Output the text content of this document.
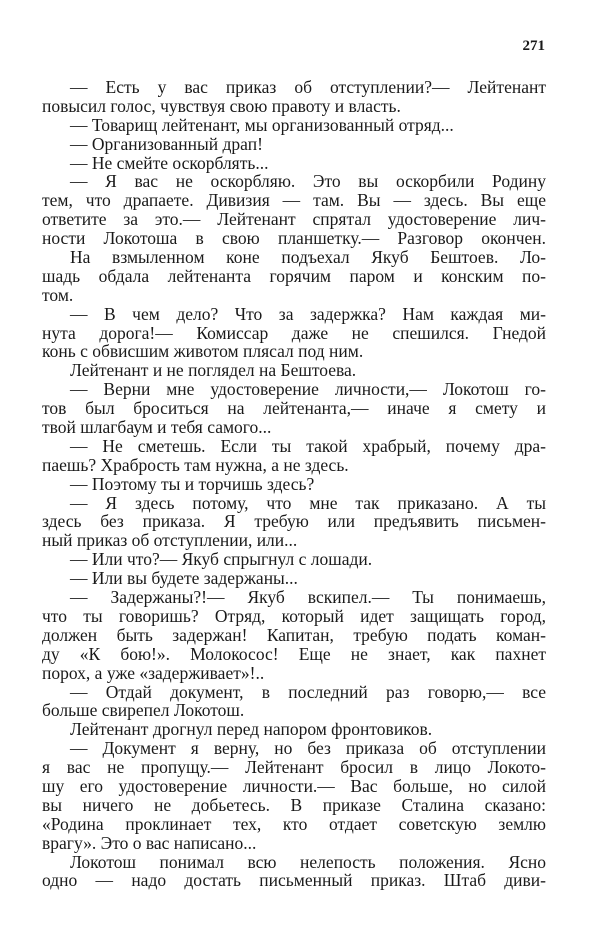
271
— Есть у вас приказ об отступлении?— Лейтенант
повысил голос, чувствуя свою правоту и власть.
— Товарищ лейтенант, мы организованный отряд...
— Организованный драп!
— Не смейте оскорблять...
— Я вас не оскорбляю. Это вы оскорбили Родину
тем, что драпаете. Дивизия — там. Вы — здесь. Вы еще
ответите за это.— Лейтенант спрятал удостоверение лич-
ности Локотоша в свою планшетку.— Разговор окончен.
На взмыленном коне подъехал Якуб Бештоев. Ло-
шадь обдала лейтенанта горячим паром и конским по-
том.
— В чем дело? Что за задержка? Нам каждая ми-
нута дорога!— Комиссар даже не спешился. Гнедой
конь с обвисшим животом плясал под ним.
Лейтенант и не поглядел на Бештоева.
— Верни мне удостоверение личности,— Локотош го-
тов был броситься на лейтенанта,— иначе я смету и
твой шлагбаум и тебя самого...
— Не сметешь. Если ты такой храбрый, почему дра-
паешь? Храбрость там нужна, а не здесь.
— Поэтому ты и торчишь здесь?
— Я здесь потому, что мне так приказано. А ты
здесь без приказа. Я требую или предъявить письмен-
ный приказ об отступлении, или...
— Или что?— Якуб спрыгнул с лошади.
— Или вы будете задержаны...
— Задержаны?!— Якуб вскипел.— Ты понимаешь,
что ты говоришь? Отряд, который идет защищать город,
должен быть задержан! Капитан, требую подать коман-
ду «К бою!». Молокосос! Еще не знает, как пахнет
порох, а уже «задерживает»!..
— Отдай документ, в последний раз говорю,— все
больше свирепел Локотош.
Лейтенант дрогнул перед напором фронтовиков.
— Документ я верну, но без приказа об отступлении
я вас не пропущу.— Лейтенант бросил в лицо Локото-
шу его удостоверение личности.— Вас больше, но силой
вы ничего не добьетесь. В приказе Сталина сказано:
«Родина проклинает тех, кто отдает советскую землю
врагу». Это о вас написано...
Локотош понимал всю нелепость положения. Ясно
одно — надо достать письменный приказ. Штаб диви-
